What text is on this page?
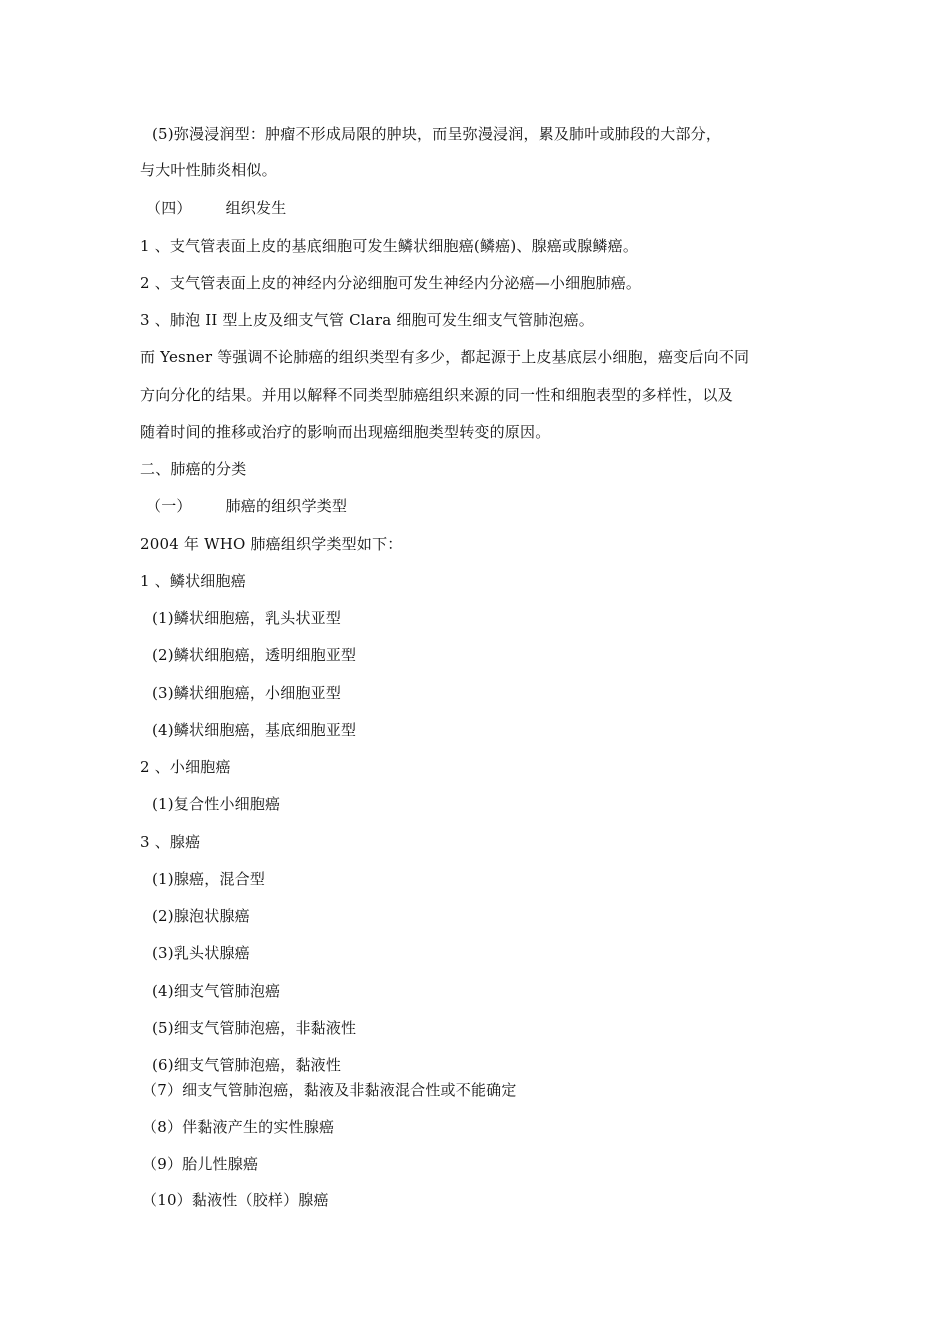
(5)弥漫浸润型：肿瘤不形成局限的肿块，而呈弥漫浸润，累及肺叶或肺段的大部分，
与大叶性肺炎相似。
（四） 组织发生
1 、支气管表面上皮的基底细胞可发生鳞状细胞癌(鳞癌)、腺癌或腺鳞癌。
2 、支气管表面上皮的神经内分泌细胞可发生神经内分泌癌—小细胞肺癌。
3 、肺泡 II 型上皮及细支气管 Clara 细胞可发生细支气管肺泡癌。
而 Yesner 等强调不论肺癌的组织类型有多少，都起源于上皮基底层小细胞，癌变后向不同
方向分化的结果。并用以解释不同类型肺癌组织来源的同一性和细胞表型的多样性，以及
随着时间的推移或治疗的影响而出现癌细胞类型转变的原因。
二、肺癌的分类
（一） 肺癌的组织学类型
2004 年 WHO 肺癌组织学类型如下：
1 、鳞状细胞癌
(1)鳞状细胞癌，乳头状亚型
(2)鳞状细胞癌，透明细胞亚型
(3)鳞状细胞癌，小细胞亚型
(4)鳞状细胞癌，基底细胞亚型
2 、小细胞癌
(1)复合性小细胞癌
3 、腺癌
(1)腺癌，混合型
(2)腺泡状腺癌
(3)乳头状腺癌
(4)细支气管肺泡癌
(5)细支气管肺泡癌，非黏液性
(6)细支气管肺泡癌，黏液性
（7）细支气管肺泡癌，黏液及非黏液混合性或不能确定
（8）伴黏液产生的实性腺癌
（9）胎儿性腺癌
（10）黏液性（胶样）腺癌
